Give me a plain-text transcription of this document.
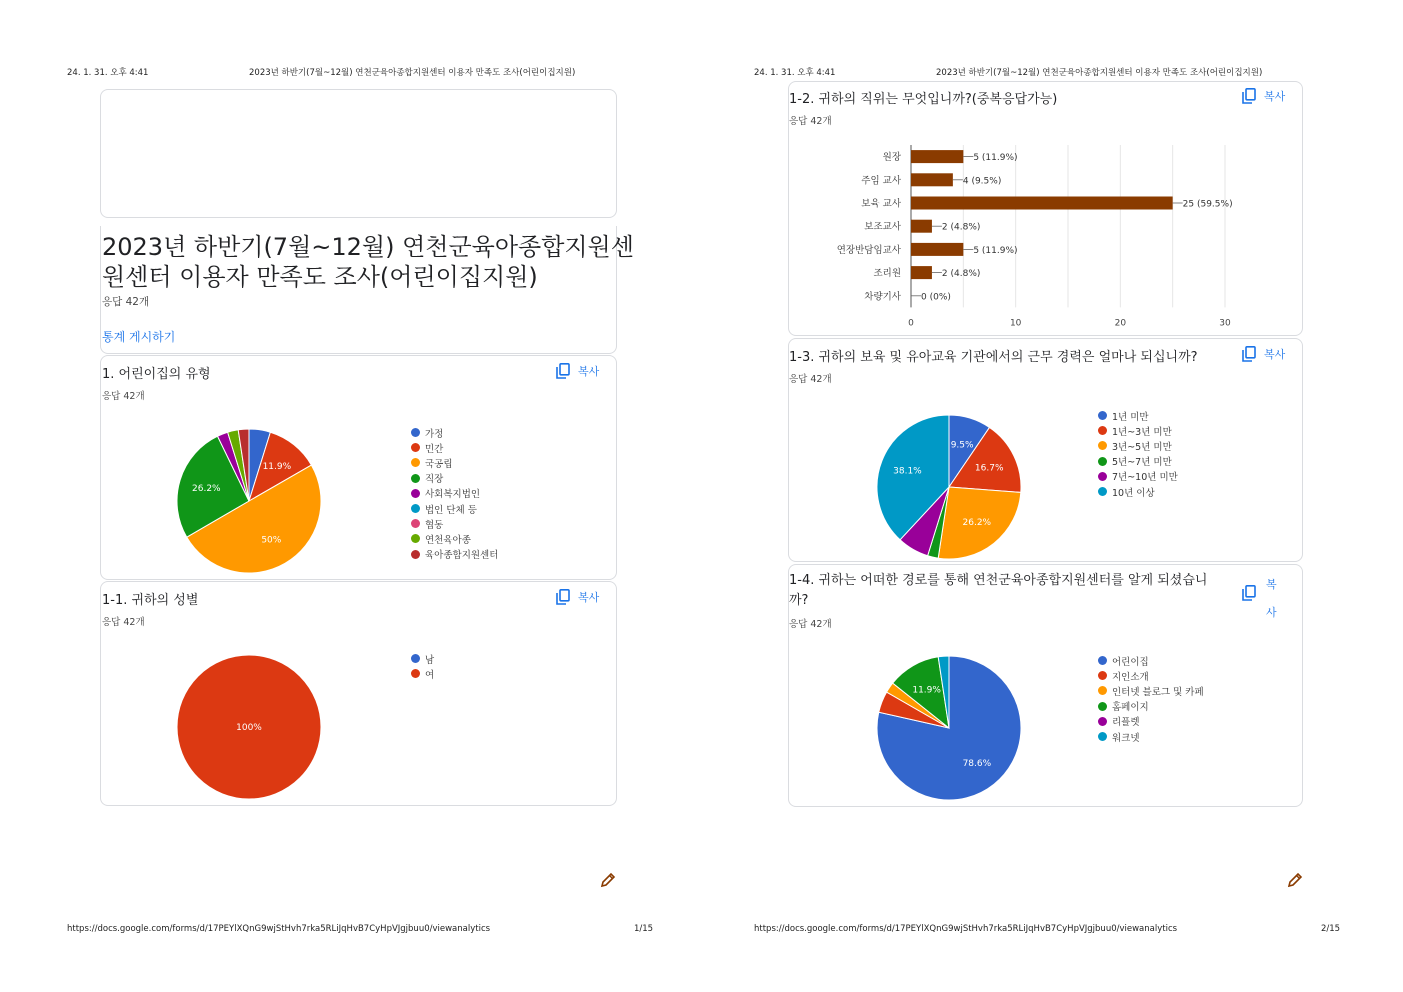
24. 1. 31. 오후 4:41	2023년 하반기(7월~12월) 연천군육아종합지원센터 이용자 만족도 조사(어린이집지원)
2023년 하반기(7월~12월) 연천군육아종합지원센
원센터 이용자 만족도 조사(어린이집지원)
응답 42개
통계 게시하기
1. 어린이집의 유형
응답 42개
복사
11.9%
50%
26.2%
가정
민간
국공립
직장
사회복지법인
법인 단체 등
협동
연천육아종
육아종합지원센터
1-1. 귀하의 성별
응답 42개
복사
100%
남
여
https://docs.google.com/forms/d/17PEYlXQnG9wjStHvh7rka5RLiJqHvB7CyHpVJgjbuu0/viewanalytics	1/15
24. 1. 31. 오후 4:41	2023년 하반기(7월~12월) 연천군육아종합지원센터 이용자 만족도 조사(어린이집지원)
1-2. 귀하의 직위는 무엇입니까?(중복응답가능)
응답 42개
복사
0	10	20	30
원장	5 (11.9%)
주임 교사	4 (9.5%)
보육 교사	25 (59.5%)
보조교사	2 (4.8%)
연장반담임교사	5 (11.9%)
조리원	2 (4.8%)
차량기사 0 (0%)
1-3. 귀하의 보육 및 유아교육 기관에서의 근무 경력은 얼마나 되십니까?
응답 42개
복사
9.5%
16.7%
26.2%
38.1%
1년 미만
1년~3년 미만
3년~5년 미만
5년~7년 미만
7년~10년 미만
10년 이상
1-4. 귀하는 어떠한 경로를 통해 연천군육아종합지원센터를 알게 되셨습니
까?
응답 42개
복
사
78.6%
11.9%
어린이집
지인소개
인터넷 블로그 및 카페
홈페이지
리플렛
워크넷
https://docs.google.com/forms/d/17PEYlXQnG9wjStHvh7rka5RLiJqHvB7CyHpVJgjbuu0/viewanalytics	2/15
